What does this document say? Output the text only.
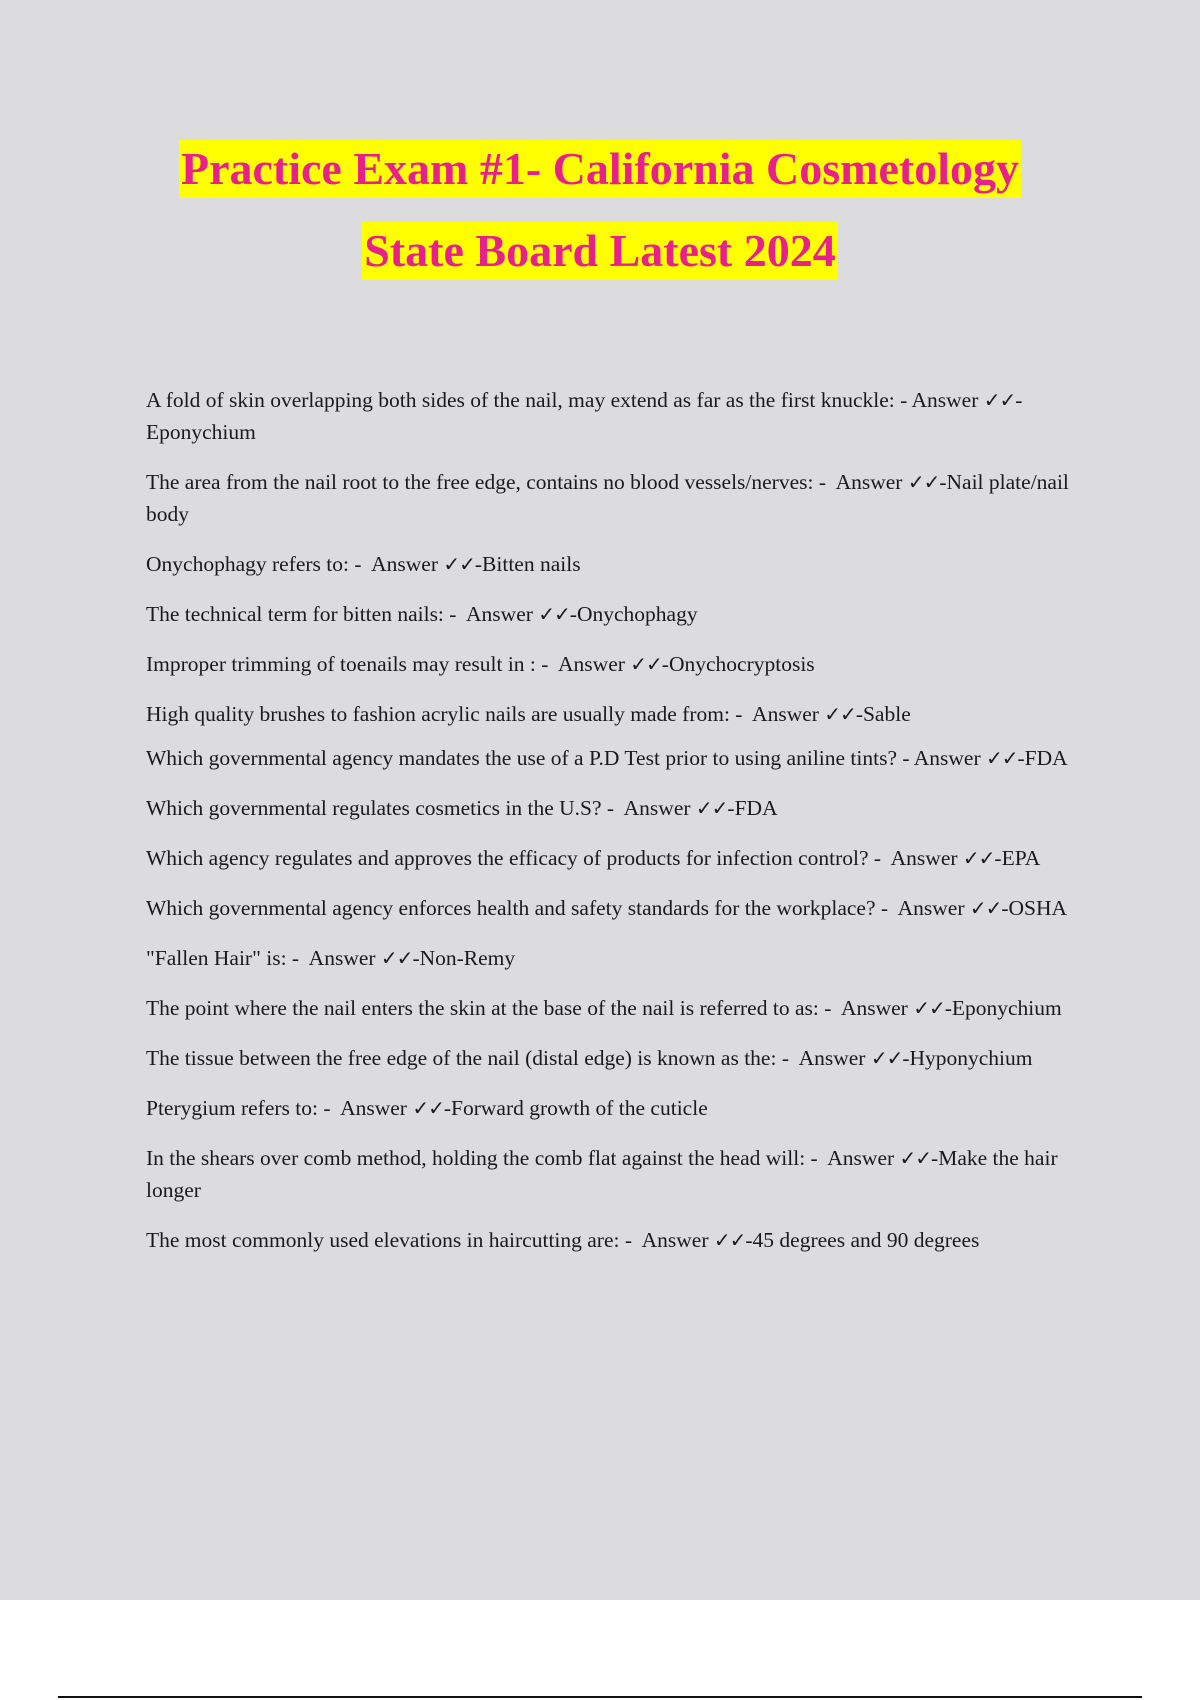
Practice Exam #1- California Cosmetology
State Board Latest 2024
A fold of skin overlapping both sides of the nail, may extend as far as the first knuckle: - Answer ✓✓-Eponychium
The area from the nail root to the free edge, contains no blood vessels/nerves: -  Answer ✓✓-Nail plate/nail body
Onychophagy refers to: -  Answer ✓✓-Bitten nails
The technical term for bitten nails: -  Answer ✓✓-Onychophagy
Improper trimming of toenails may result in : -  Answer ✓✓-Onychocryptosis
High quality brushes to fashion acrylic nails are usually made from: -  Answer ✓✓-Sable
Which governmental agency mandates the use of a P.D Test prior to using aniline tints? - Answer ✓✓-FDA
Which governmental regulates cosmetics in the U.S? -  Answer ✓✓-FDA
Which agency regulates and approves the efficacy of products for infection control? -  Answer ✓✓-EPA
Which governmental agency enforces health and safety standards for the workplace? -  Answer ✓✓-OSHA
"Fallen Hair" is: -  Answer ✓✓-Non-Remy
The point where the nail enters the skin at the base of the nail is referred to as: -  Answer ✓✓-Eponychium
The tissue between the free edge of the nail (distal edge) is known as the: -  Answer ✓✓-Hyponychium
Pterygium refers to: -  Answer ✓✓-Forward growth of the cuticle
In the shears over comb method, holding the comb flat against the head will: -  Answer ✓✓-Make the hair longer
The most commonly used elevations in haircutting are: -  Answer ✓✓-45 degrees and 90 degrees
